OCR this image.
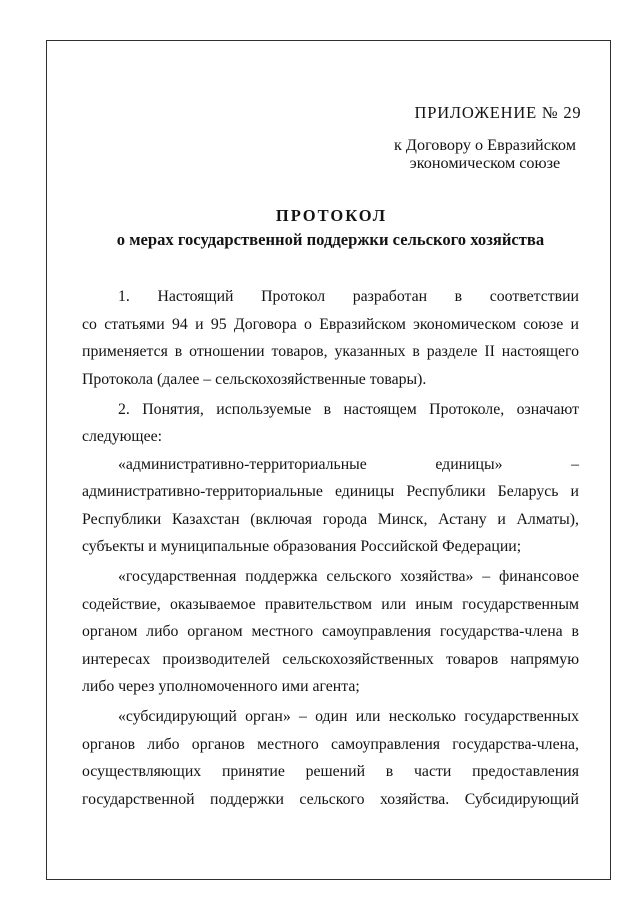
ПРИЛОЖЕНИЕ № 29
к Договору о Евразийском
экономическом союзе
ПРОТОКОЛ
о мерах государственной поддержки сельского хозяйства
1. Настоящий Протокол разработан в соответствии
со статьями 94 и 95 Договора о Евразийском экономическом союзе и
применяется в отношении товаров, указанных в разделе II настоящего
Протокола (далее – сельскохозяйственные товары).
2. Понятия, используемые в настоящем Протоколе, означают
следующее:
«административно-территориальные единицы» –
административно-территориальные единицы Республики Беларусь и
Республики Казахстан (включая города Минск, Астану и Алматы),
субъекты и муниципальные образования Российской Федерации;
«государственная поддержка сельского хозяйства» – финансовое
содействие, оказываемое правительством или иным государственным
органом либо органом местного самоуправления государства-члена в
интересах производителей сельскохозяйственных товаров напрямую
либо через уполномоченного ими агента;
«субсидирующий орган» – один или несколько государственных
органов либо органов местного самоуправления государства-члена,
осуществляющих принятие решений в части предоставления
государственной поддержки сельского хозяйства. Субсидирующий
